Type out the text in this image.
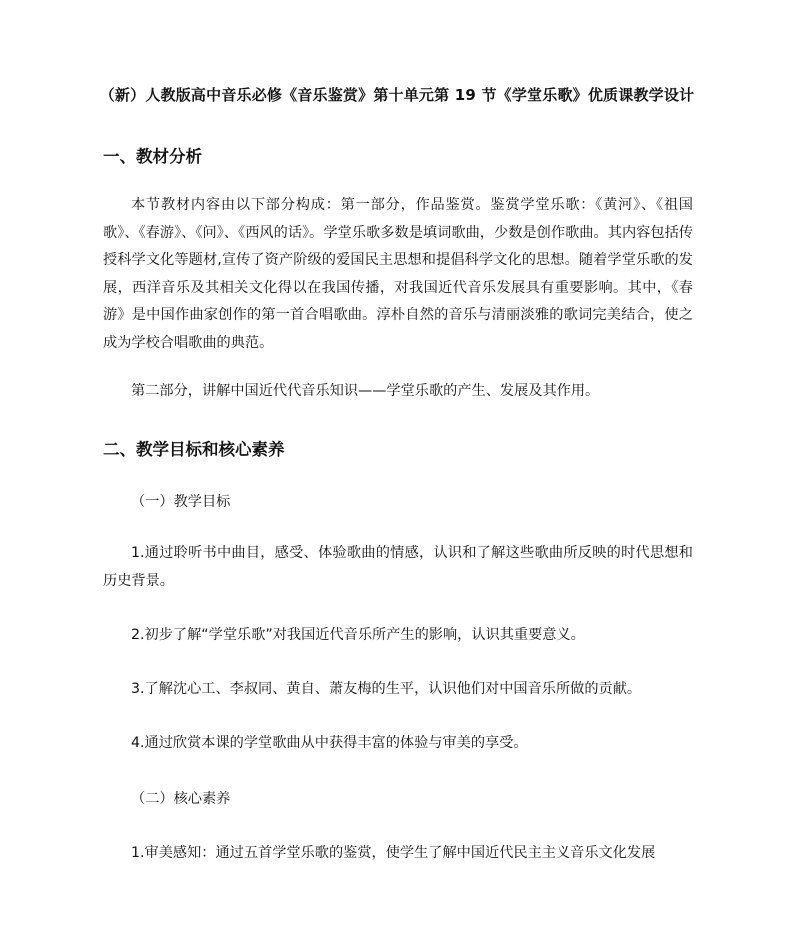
（新）人教版高中音乐必修《音乐鉴赏》第十单元第 19 节《学堂乐歌》优质课教学设计
一、教材分析
本节教材内容由以下部分构成：第一部分，作品鉴赏。鉴赏学堂乐歌：《黄河》、《祖国歌》、《春游》、《问》、《西风的话》。学堂乐歌多数是填词歌曲，少数是创作歌曲。其内容包括传授科学文化等题材,宣传了资产阶级的爱国民主思想和提倡科学文化的思想。随着学堂乐歌的发展，西洋音乐及其相关文化得以在我国传播，对我国近代音乐发展具有重要影响。其中，《春游》是中国作曲家创作的第一首合唱歌曲。淳朴自然的音乐与清丽淡雅的歌词完美结合，使之成为学校合唱歌曲的典范。
第二部分，讲解中国近代代音乐知识——学堂乐歌的产生、发展及其作用。
二、教学目标和核心素养
（一）教学目标
1.通过聆听书中曲目，感受、体验歌曲的情感，认识和了解这些歌曲所反映的时代思想和历史背景。
2.初步了解“学堂乐歌”对我国近代音乐所产生的影响，认识其重要意义。
3.了解沈心工、李叔同、黄自、萧友梅的生平，认识他们对中国音乐所做的贡献。
4.通过欣赏本课的学堂歌曲从中获得丰富的体验与审美的享受。
（二）核心素养
1.审美感知：通过五首学堂乐歌的鉴赏，使学生了解中国近代民主主义音乐文化发展
